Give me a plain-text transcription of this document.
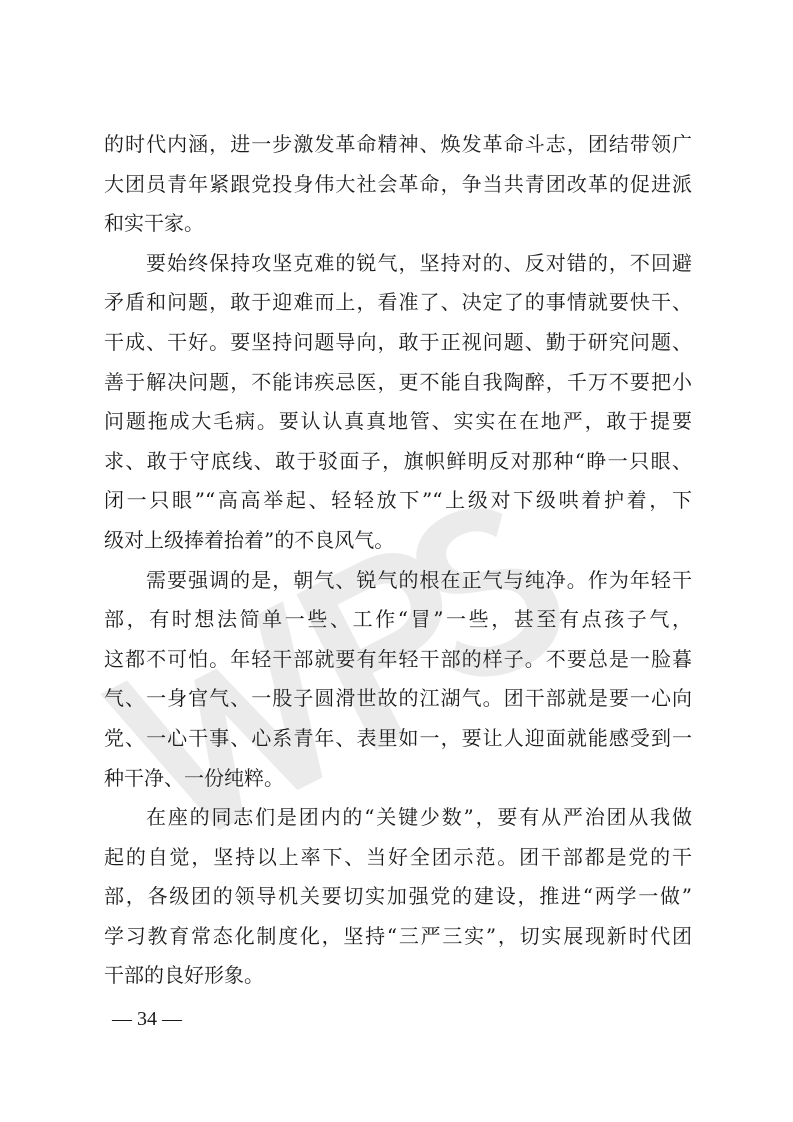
的时代内涵，进一步激发革命精神、焕发革命斗志，团结带领广
大团员青年紧跟党投身伟大社会革命，争当共青团改革的促进派
和实干家。
要始终保持攻坚克难的锐气，坚持对的、反对错的，不回避
矛盾和问题，敢于迎难而上，看准了、决定了的事情就要快干、
干成、干好。要坚持问题导向，敢于正视问题、勤于研究问题、
善于解决问题，不能讳疾忌医，更不能自我陶醉，千万不要把小
问题拖成大毛病。要认认真真地管、实实在在地严，敢于提要
求、敢于守底线、敢于驳面子，旗帜鲜明反对那种“睁一只眼、
闭一只眼”“高高举起、轻轻放下”“上级对下级哄着护着，下
级对上级捧着抬着”的不良风气。
需要强调的是，朝气、锐气的根在正气与纯净。作为年轻干
部，有时想法简单一些、工作“冒”一些，甚至有点孩子气，
这都不可怕。年轻干部就要有年轻干部的样子。不要总是一脸暮
气、一身官气、一股子圆滑世故的江湖气。团干部就是要一心向
党、一心干事、心系青年、表里如一，要让人迎面就能感受到一
种干净、一份纯粹。
在座的同志们是团内的“关键少数”，要有从严治团从我做
起的自觉，坚持以上率下、当好全团示范。团干部都是党的干
部，各级团的领导机关要切实加强党的建设，推进“两学一做”
学习教育常态化制度化，坚持“三严三实”，切实展现新时代团
干部的良好形象。
— 34 —
